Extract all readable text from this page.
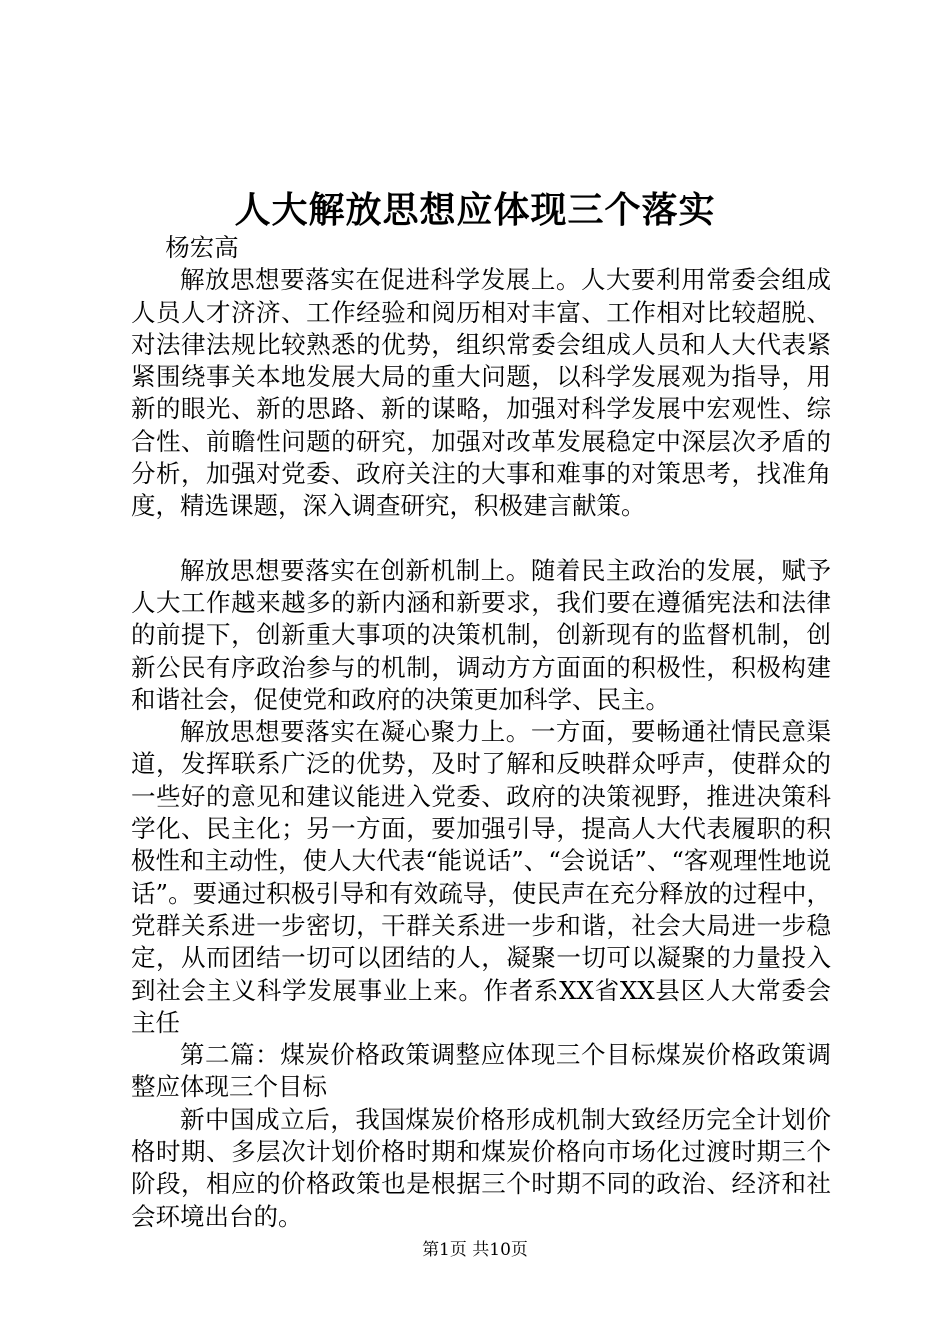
人大解放思想应体现三个落实

杨宏高

解放思想要落实在促进科学发展上。人大要利用常委会组成人员人才济济、工作经验和阅历相对丰富、工作相对比较超脱、对法律法规比较熟悉的优势，组织常委会组成人员和人大代表紧紧围绕事关本地发展大局的重大问题，以科学发展观为指导，用新的眼光、新的思路、新的谋略，加强对科学发展中宏观性、综合性、前瞻性问题的研究，加强对改革发展稳定中深层次矛盾的分析，加强对党委、政府关注的大事和难事的对策思考，找准角度，精选课题，深入调查研究，积极建言献策。

解放思想要落实在创新机制上。随着民主政治的发展，赋予人大工作越来越多的新内涵和新要求，我们要在遵循宪法和法律的前提下，创新重大事项的决策机制，创新现有的监督机制，创新公民有序政治参与的机制，调动方方面面的积极性，积极构建和谐社会，促使党和政府的决策更加科学、民主。

解放思想要落实在凝心聚力上。一方面，要畅通社情民意渠道，发挥联系广泛的优势，及时了解和反映群众呼声，使群众的一些好的意见和建议能进入党委、政府的决策视野，推进决策科学化、民主化；另一方面，要加强引导，提高人大代表履职的积极性和主动性，使人大代表“能说话”、“会说话”、“客观理性地说话”。要通过积极引导和有效疏导，使民声在充分释放的过程中，党群关系进一步密切，干群关系进一步和谐，社会大局进一步稳定，从而团结一切可以团结的人，凝聚一切可以凝聚的力量投入到社会主义科学发展事业上来。作者系XX省XX县区人大常委会主任

第二篇：煤炭价格政策调整应体现三个目标煤炭价格政策调整应体现三个目标

新中国成立后，我国煤炭价格形成机制大致经历完全计划价格时期、多层次计划价格时期和煤炭价格向市场化过渡时期三个阶段，相应的价格政策也是根据三个时期不同的政治、经济和社会环境出台的。

第1页 共10页
